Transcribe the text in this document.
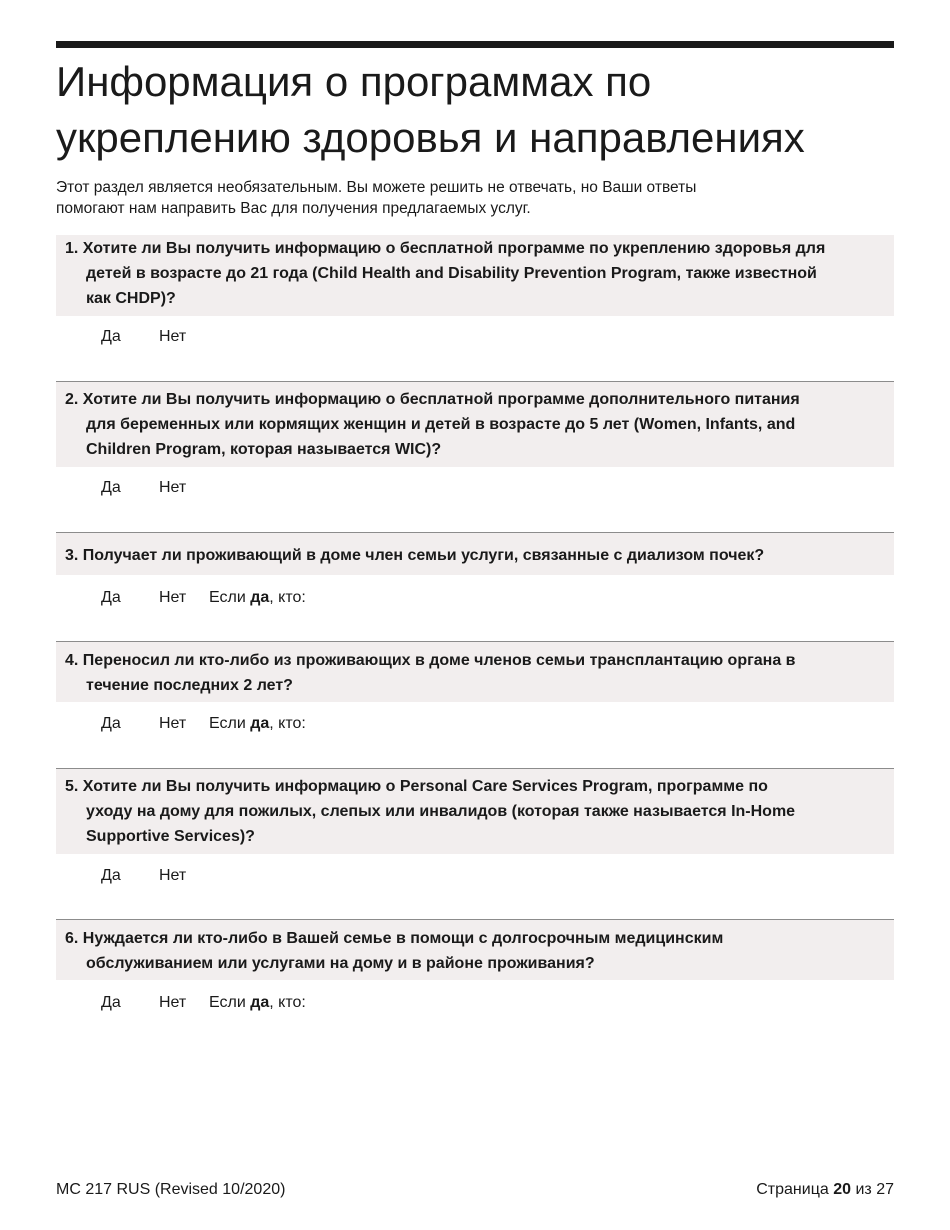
Информация о программах по
укреплению здоровья и направлениях

Этот раздел является необязательным. Вы можете решить не отвечать, но Ваши ответы
помогают нам направить Вас для получения предлагаемых услуг.

1. Хотите ли Вы получить информацию о бесплатной программе по укреплению здоровья для
детей в возрасте до 21 года (Child Health and Disability Prevention Program, также известной
как CHDP)?
Да Нет
2. Хотите ли Вы получить информацию о бесплатной программе дополнительного питания
для беременных или кормящих женщин и детей в возрасте до 5 лет (Women, Infants, and
Children Program, которая называется WIC)?
Да Нет
3. Получает ли проживающий в доме член семьи услуги, связанные с диализом почек?
Да Нет Если да, кто:
4. Переносил ли кто-либо из проживающих в доме членов семьи трансплантацию органа в
течение последних 2 лет?
Да Нет Если да, кто:
5. Хотите ли Вы получить информацию о Personal Care Services Program, программе по
уходу на дому для пожилых, слепых или инвалидов (которая также называется In-Home
Supportive Services)?
Да Нет
6. Нуждается ли кто-либо в Вашей семье в помощи с долгосрочным медицинским
обслуживанием или услугами на дому и в районе проживания?
Да Нет Если да, кто:
MC 217 RUS (Revised 10/2020)	Страница 20 из 27
